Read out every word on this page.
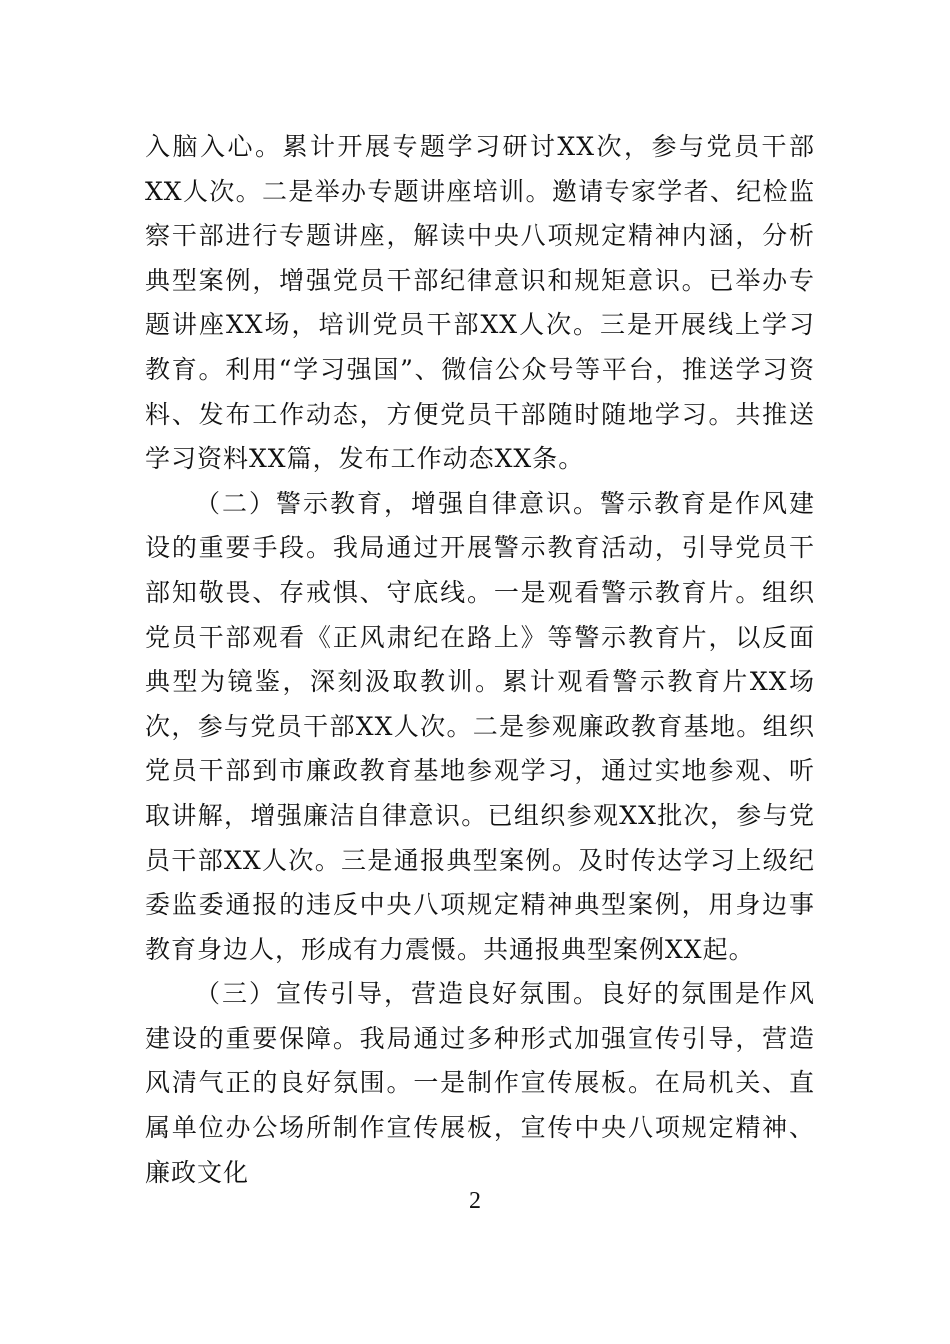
入脑入心。累计开展专题学习研讨XX次，参与党员干部XX人次。二是举办专题讲座培训。邀请专家学者、纪检监察干部进行专题讲座，解读中央八项规定精神内涵，分析典型案例，增强党员干部纪律意识和规矩意识。已举办专题讲座XX场，培训党员干部XX人次。三是开展线上学习教育。利用“学习强国”、微信公众号等平台，推送学习资料、发布工作动态，方便党员干部随时随地学习。共推送学习资料XX篇，发布工作动态XX条。

（二）警示教育，增强自律意识。警示教育是作风建设的重要手段。我局通过开展警示教育活动，引导党员干部知敬畏、存戒惧、守底线。一是观看警示教育片。组织党员干部观看《正风肃纪在路上》等警示教育片，以反面典型为镜鉴，深刻汲取教训。累计观看警示教育片XX场次，参与党员干部XX人次。二是参观廉政教育基地。组织党员干部到市廉政教育基地参观学习，通过实地参观、听取讲解，增强廉洁自律意识。已组织参观XX批次，参与党员干部XX人次。三是通报典型案例。及时传达学习上级纪委监委通报的违反中央八项规定精神典型案例，用身边事教育身边人，形成有力震慑。共通报典型案例XX起。

（三）宣传引导，营造良好氛围。良好的氛围是作风建设的重要保障。我局通过多种形式加强宣传引导，营造风清气正的良好氛围。一是制作宣传展板。在局机关、直属单位办公场所制作宣传展板，宣传中央八项规定精神、廉政文化

2
